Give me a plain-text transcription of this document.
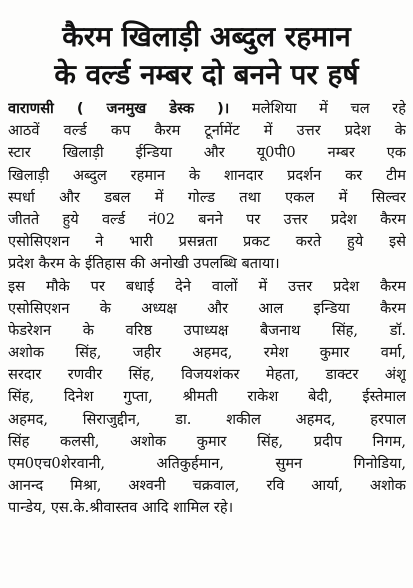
कैरम खिलाड़ी अब्दुल रहमान
के वर्ल्ड नम्बर दो बनने पर हर्ष
वाराणसी ( जनमुख डेस्क )। मलेशिया में चल रहे
आठवें वर्ल्ड कप कैरम टूर्नामेंट में उत्तर प्रदेश के
स्टार खिलाड़ी ईन्डिया और यू0पी0 नम्बर एक
खिलाड़ी अब्दुल रहमान के शानदार प्रदर्शन कर टीम
स्पर्धा और डबल में गोल्ड तथा एकल में सिल्वर
जीतते हुये वर्ल्ड नं02 बनने पर उत्तर प्रदेश कैरम
एसोसिएशन ने भारी प्रसन्नता प्रकट करते हुये इसे
प्रदेश कैरम के ईतिहास की अनोखी उपलब्धि बताया।
इस मौके पर बधाई देने वालों में उत्तर प्रदेश कैरम
एसोसिएशन के अध्यक्ष और आल इन्डिया कैरम
फेडरेशन के वरिष्ठ उपाध्यक्ष बैजनाथ सिंह, डॉ.
अशोक सिंह, जहीर अहमद, रमेश कुमार वर्मा,
सरदार रणवीर सिंह, विजयशंकर मेहता, डाक्टर अंशू
सिंह, दिनेश गुप्ता, श्रीमती राकेश बेदी, ईस्तेमाल
अहमद, सिराजुद्दीन, डा. शकील अहमद, हरपाल
सिंह कलसी, अशोक कुमार सिंह, प्रदीप निगम,
एम0एच0शेरवानी, अतिकुर्हमान, सुमन गिनोडिया,
आनन्द मिश्रा, अश्वनी चक्रवाल, रवि आर्या, अशोक
पान्डेय, एस.के.श्रीवास्तव आदि शामिल रहे।
